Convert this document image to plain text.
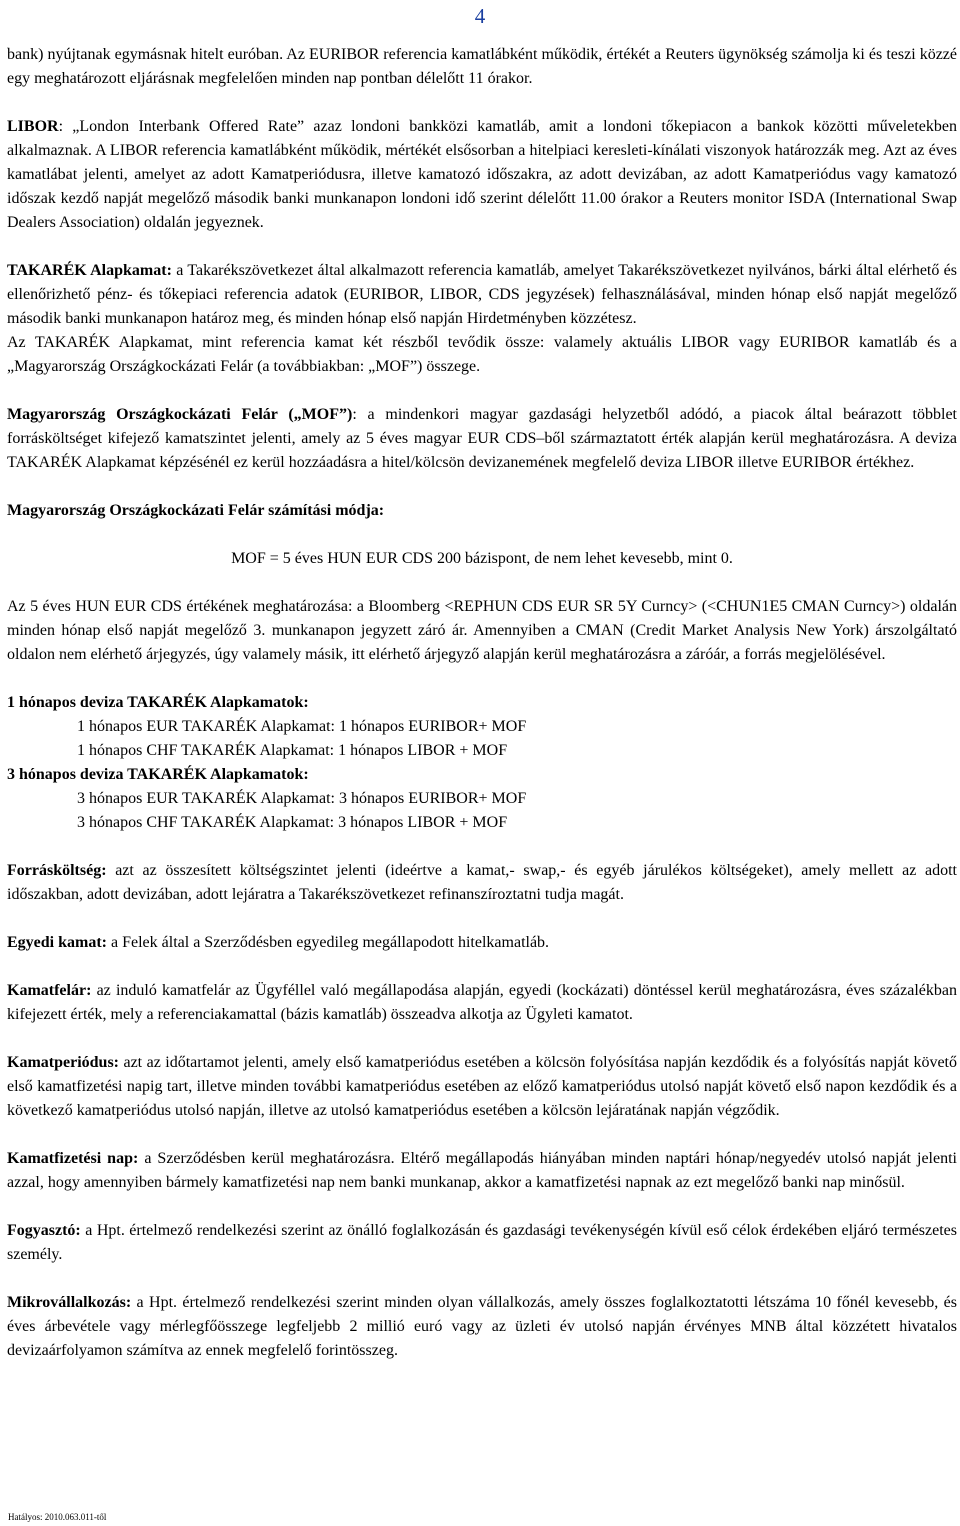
4

bank) nyújtanak egymásnak hitelt euróban. Az EURIBOR referencia kamatlábként működik, értékét a Reuters ügynökség számolja ki és teszi közzé egy meghatározott eljárásnak megfelelően minden nap pontban délelőtt 11 órakor.

LIBOR: „London Interbank Offered Rate” azaz londoni bankközi kamatláb, amit a londoni tőkepiacon a bankok közötti műveletekben alkalmaznak. A LIBOR referencia kamatlábként működik, mértékét elsősorban a hitelpiaci keresleti-kínálati viszonyok határozzák meg. Azt az éves kamatlábat jelenti, amelyet az adott Kamatperiódusra, illetve kamatozó időszakra, az adott devizában, az adott Kamatperiódus vagy kamatozó időszak kezdő napját megelőző második banki munkanapon londoni idő szerint délelőtt 11.00 órakor a Reuters monitor ISDA (International Swap Dealers Association) oldalán jegyeznek.

TAKARÉK Alapkamat: a Takarékszövetkezet által alkalmazott referencia kamatláb, amelyet Takarékszövetkezet nyilvános, bárki által elérhető és ellenőrizhető pénz- és tőkepiaci referencia adatok (EURIBOR, LIBOR, CDS jegyzések) felhasználásával, minden hónap első napját megelőző második banki munkanapon határoz meg, és minden hónap első napján Hirdetményben közzétesz.

Az TAKARÉK Alapkamat, mint referencia kamat két részből tevődik össze: valamely aktuális LIBOR vagy EURIBOR kamatláb és a „Magyarország Országkockázati Felár (a továbbiakban: „MOF”) összege.

Magyarország Országkockázati Felár („MOF”): a mindenkori magyar gazdasági helyzetből adódó, a piacok által beárazott többlet forrásköltséget kifejező kamatszintet jelenti, amely az 5 éves magyar EUR CDS–ből származtatott érték alapján kerül meghatározásra. A deviza TAKARÉK Alapkamat képzésénél ez kerül hozzáadásra a hitel/kölcsön devizanemének megfelelő deviza LIBOR illetve EURIBOR értékhez.

Magyarország Országkockázati Felár számítási módja:

MOF = 5 éves HUN EUR CDS 200 bázispont, de nem lehet kevesebb, mint 0.

Az 5 éves HUN EUR CDS értékének meghatározása: a Bloomberg <REPHUN CDS EUR SR 5Y Curncy> (<CHUN1E5 CMAN Curncy>) oldalán minden hónap első napját megelőző 3. munkanapon jegyzett záró ár. Amennyiben a CMAN (Credit Market Analysis New York) árszolgáltató oldalon nem elérhető árjegyzés, úgy valamely másik, itt elérhető árjegyző alapján kerül meghatározásra a záróár, a forrás megjelölésével.

1 hónapos deviza TAKARÉK Alapkamatok:

1 hónapos EUR TAKARÉK Alapkamat: 1 hónapos EURIBOR+ MOF

1 hónapos CHF TAKARÉK Alapkamat: 1 hónapos LIBOR + MOF

3 hónapos deviza TAKARÉK Alapkamatok:

3 hónapos EUR TAKARÉK Alapkamat: 3 hónapos EURIBOR+ MOF

3 hónapos CHF TAKARÉK Alapkamat: 3 hónapos LIBOR + MOF

Forrásköltség: azt az összesített költségszintet jelenti (ideértve a kamat,- swap,- és egyéb járulékos költségeket), amely mellett az adott időszakban, adott devizában, adott lejáratra a Takarékszövetkezet refinanszíroztatni tudja magát.

Egyedi kamat: a Felek által a Szerződésben egyedileg megállapodott hitelkamatláb.

Kamatfelár: az induló kamatfelár az Ügyféllel való megállapodása alapján, egyedi (kockázati) döntéssel kerül meghatározásra, éves százalékban kifejezett érték, mely a referenciakamattal (bázis kamatláb) összeadva alkotja az Ügyleti kamatot.

Kamatperiódus: azt az időtartamot jelenti, amely első kamatperiódus esetében a kölcsön folyósítása napján kezdődik és a folyósítás napját követő első kamatfizetési napig tart, illetve minden további kamatperiódus esetében az előző kamatperiódus utolsó napját követő első napon kezdődik és a következő kamatperiódus utolsó napján, illetve az utolsó kamatperiódus esetében a kölcsön lejáratának napján végződik.

Kamatfizetési nap: a Szerződésben kerül meghatározásra. Eltérő megállapodás hiányában minden naptári hónap/negyedév utolsó napját jelenti azzal, hogy amennyiben bármely kamatfizetési nap nem banki munkanap, akkor a kamatfizetési napnak az ezt megelőző banki nap minősül.

Fogyasztó: a Hpt. értelmező rendelkezési szerint az önálló foglalkozásán és gazdasági tevékenységén kívül eső célok érdekében eljáró természetes személy.

Mikrovállalkozás: a Hpt. értelmező rendelkezési szerint minden olyan vállalkozás, amely összes foglalkoztatotti létszáma 10 főnél kevesebb, és éves árbevétele vagy mérlegfőösszege legfeljebb 2 millió euró vagy az üzleti év utolsó napján érvényes MNB által közzétett hivatalos devizaárfolyamon számítva az ennek megfelelő forintösszeg.

Hatályos: 2010.063.011-től
